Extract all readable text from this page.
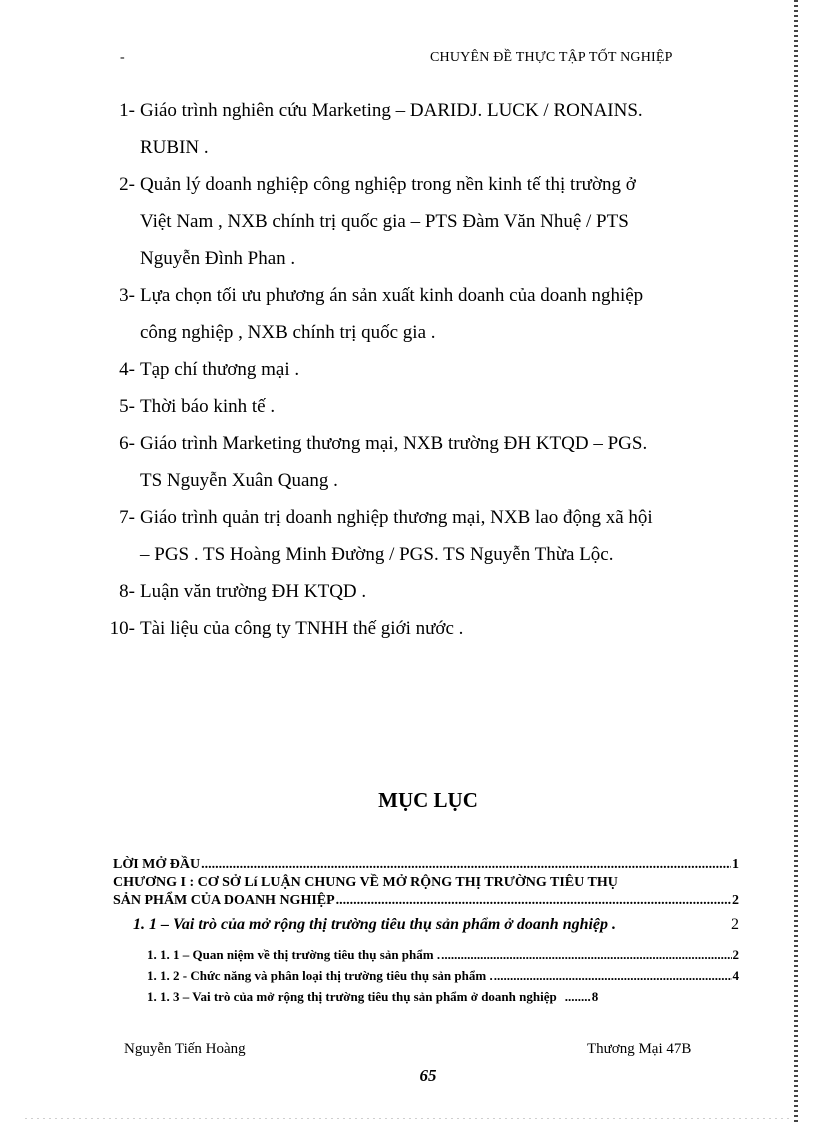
-	CHUYÊN ĐỀ THỰC TẬP TỐT NGHIỆP
1- Giáo trình nghiên cứu Marketing – DARIDJ. LUCK / RONAINS.
RUBIN .
2- Quản lý doanh nghiệp công nghiệp trong nền kinh tế thị trường ở
Việt Nam , NXB chính trị quốc gia – PTS Đàm Văn Nhuệ / PTS
Nguyễn Đình Phan .
3- Lựa chọn tối ưu phương án sản xuất kinh doanh của doanh nghiệp
công nghiệp , NXB chính trị quốc gia .
4- Tạp chí thương mại .
5- Thời báo kinh tế .
6- Giáo trình Marketing thương mại, NXB trường ĐH KTQD – PGS.
TS Nguyễn Xuân Quang .
7- Giáo trình quản trị doanh nghiệp thương mại, NXB lao động xã hội
– PGS . TS Hoàng Minh Đường / PGS. TS Nguyễn Thừa Lộc.
8- Luận văn trường ĐH KTQD .
10- Tài liệu của công ty TNHH thế giới nước .
MỤC LỤC
LỜI MỞ ĐẦU .....	1
CHƯƠNG I : CƠ SỞ Lí LUẬN CHUNG VỀ MỞ RỘNG THỊ TRƯỜNG TIÊU THỤ
SẢN PHẨM CỦA DOANH NGHIỆP .....	2
1. 1 – Vai trò của mở rộng thị trường tiêu thụ sản phẩm ở doanh nghiệp .	2
1. 1. 1 – Quan niệm về thị trường tiêu thụ sản phẩm . .....	2
1. 1. 2 - Chức năng và phân loại thị trường tiêu thụ sản phẩm . .....	4
1. 1. 3 – Vai trò của mở rộng thị trường tiêu thụ sản phẩm ở doanh nghiệp ........	8
Nguyễn Tiến Hoàng	Thương Mại 47B
65
